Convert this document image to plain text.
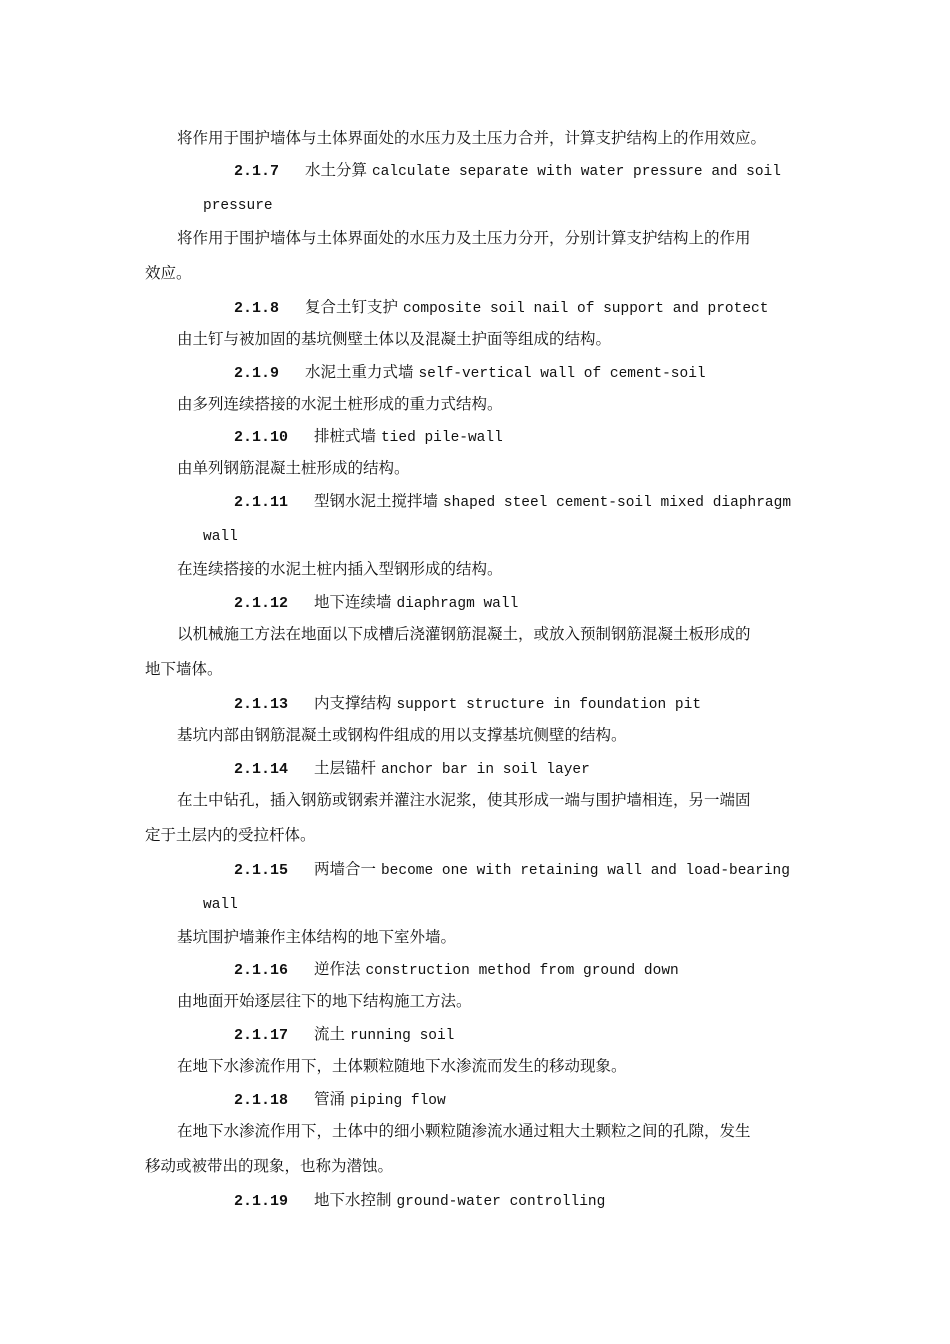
将作用于围护墙体与土体界面处的水压力及土压力合并，计算支护结构上的作用效应。
2.1.7 水土分算 calculate separate with water pressure and soil
pressure
将作用于围护墙体与土体界面处的水压力及土压力分开，分别计算支护结构上的作用
效应。
2.1.8 复合土钉支护 composite soil nail of support and protect
由土钉与被加固的基坑侧壁土体以及混凝土护面等组成的结构。
2.1.9 水泥土重力式墙 self-vertical wall of cement-soil
由多列连续搭接的水泥土桩形成的重力式结构。
2.1.10 排桩式墙 tied pile-wall
由单列钢筋混凝土桩形成的结构。
2.1.11 型钢水泥土搅拌墙 shaped steel cement-soil mixed diaphragm
wall
在连续搭接的水泥土桩内插入型钢形成的结构。
2.1.12 地下连续墙 diaphragm wall
以机械施工方法在地面以下成槽后浇灌钢筋混凝土，或放入预制钢筋混凝土板形成的
地下墙体。
2.1.13 内支撑结构 support structure in foundation pit
基坑内部由钢筋混凝土或钢构件组成的用以支撑基坑侧壁的结构。
2.1.14 土层锚杆 anchor bar in soil layer
在土中钻孔，插入钢筋或钢索并灌注水泥浆，使其形成一端与围护墙相连，另一端固
定于土层内的受拉杆体。
2.1.15 两墙合一 become one with retaining wall and load-bearing
wall
基坑围护墙兼作主体结构的地下室外墙。
2.1.16 逆作法 construction method from ground down
由地面开始逐层往下的地下结构施工方法。
2.1.17 流土 running soil
在地下水渗流作用下，土体颗粒随地下水渗流而发生的移动现象。
2.1.18 管涌 piping flow
在地下水渗流作用下，土体中的细小颗粒随渗流水通过粗大土颗粒之间的孔隙，发生
移动或被带出的现象，也称为潜蚀。
2.1.19 地下水控制 ground-water controlling
